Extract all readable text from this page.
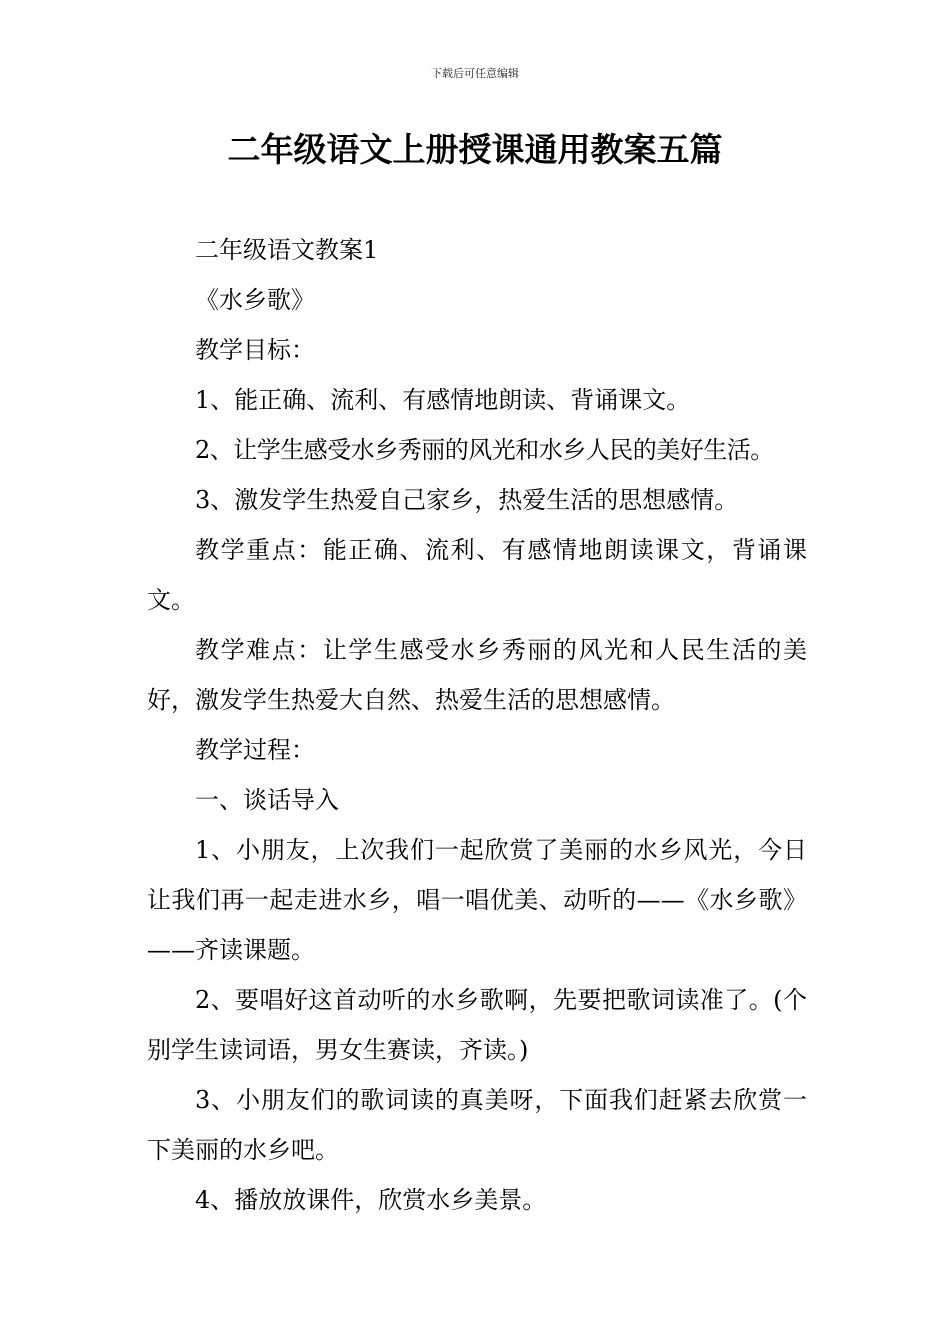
下载后可任意编辑
二年级语文上册授课通用教案五篇

二年级语文教案1

《水乡歌》

教学目标：

1、能正确、流利、有感情地朗读、背诵课文。

2、让学生感受水乡秀丽的风光和水乡人民的美好生活。

3、激发学生热爱自己家乡，热爱生活的思想感情。

教学重点：能正确、流利、有感情地朗读课文，背诵课文。

教学难点：让学生感受水乡秀丽的风光和人民生活的美好，激发学生热爱大自然、热爱生活的思想感情。

教学过程：

一、谈话导入

1、小朋友，上次我们一起欣赏了美丽的水乡风光，今日让我们再一起走进水乡，唱一唱优美、动听的——《水乡歌》——齐读课题。

2、要唱好这首动听的水乡歌啊，先要把歌词读准了。(个别学生读词语，男女生赛读，齐读。)

3、小朋友们的歌词读的真美呀，下面我们赶紧去欣赏一下美丽的水乡吧。

4、播放放课件，欣赏水乡美景。
